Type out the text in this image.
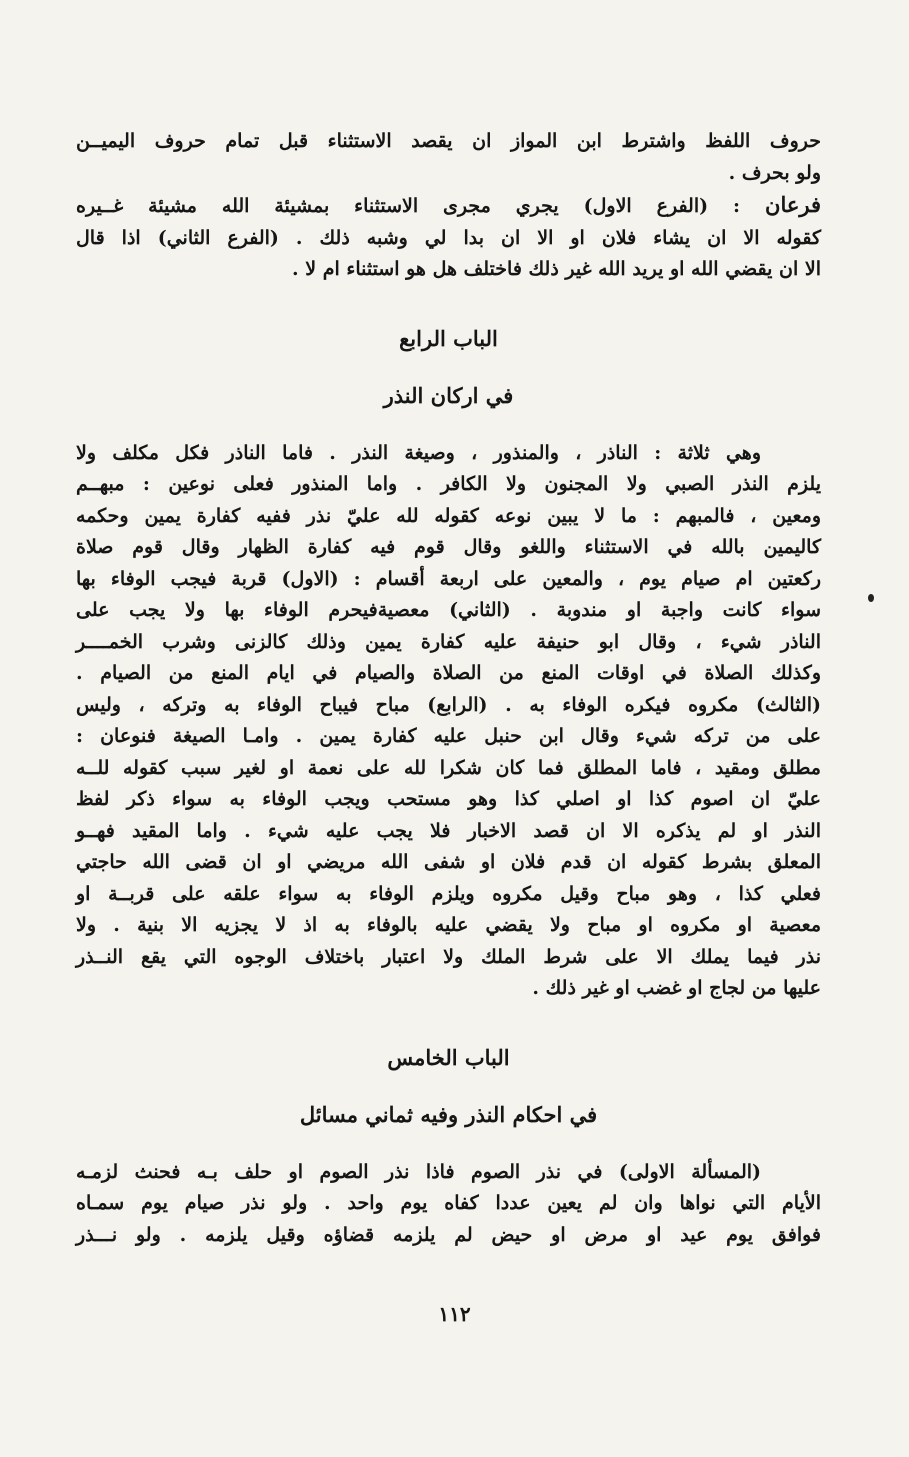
حروف اللفظ واشترط ابن المواز ان يقصد الاستثناء قبل تمام حروف اليميــن
ولو بحرف .

فرعان : (الفرع الاول) يجري مجرى الاستثناء بمشيئة الله مشيئة غــيره
كقوله الا ان يشاء فلان او الا ان بدا لي وشبه ذلك . (الفرع الثاني) اذا قال
الا ان يقضي الله او يريد الله غير ذلك فاختلف هل هو استثناء ام لا .

الباب الرابع
في اركان النذر

وهي ثلاثة : الناذر ، والمنذور ، وصيغة النذر . فاما الناذر فكل مكلف ولا
يلزم النذر الصبي ولا المجنون ولا الكافر . واما المنذور فعلى نوعين : مبهــم
ومعين ، فالمبهم : ما لا يبين نوعه كقوله لله عليّ نذر ففيه كفارة يمين وحكمه
كاليمين بالله في الاستثناء واللغو وقال قوم فيه كفارة الظهار وقال قوم صلاة
ركعتين ام صيام يوم ، والمعين على اربعة أقسام : (الاول) قربة فيجب الوفاء بها
سواء كانت واجبة او مندوبة . (الثاني) معصيةفيحرم الوفاء بها ولا يجب على
الناذر شيء ، وقال ابو حنيفة عليه كفارة يمين وذلك كالزنى وشرب الخمــــر
وكذلك الصلاة في اوقات المنع من الصلاة والصيام في ايام المنع من الصيام .
(الثالث) مكروه فيكره الوفاء به . (الرابع) مباح فيباح الوفاء به وتركه ، وليس
على من تركه شيء وقال ابن حنبل عليه كفارة يمين . وامـا الصيغة فنوعان :
مطلق ومقيد ، فاما المطلق فما كان شكرا لله على نعمة او لغير سبب كقوله للــه
عليّ ان اصوم كذا او اصلي كذا وهو مستحب ويجب الوفاء به سواء ذكر لفظ
النذر او لم يذكره الا ان قصد الاخبار فلا يجب عليه شيء . واما المقيد فهــو
المعلق بشرط كقوله ان قدم فلان او شفى الله مريضي او ان قضى الله حاجتي
فعلي كذا ، وهو مباح وقيل مكروه ويلزم الوفاء به سواء علقه على قربــة او
معصية او مكروه او مباح ولا يقضي عليه بالوفاء به اذ لا يجزيه الا بنية . ولا
نذر فيما يملك الا على شرط الملك ولا اعتبار باختلاف الوجوه التي يقع النــذر
عليها من لجاج او غضب او غير ذلك .

الباب الخامس
في احكام النذر وفيه ثماني مسائل

(المسألة الاولى) في نذر الصوم فاذا نذر الصوم او حلف بـه فحنث لزمـه
الأيام التي نواها وان لم يعين عددا كفاه يوم واحد . ولو نذر صيام يوم سمـاه
فوافق يوم عيد او مرض او حيض لم يلزمه قضاؤه وقيل يلزمه . ولو نـــذر

١١٢
